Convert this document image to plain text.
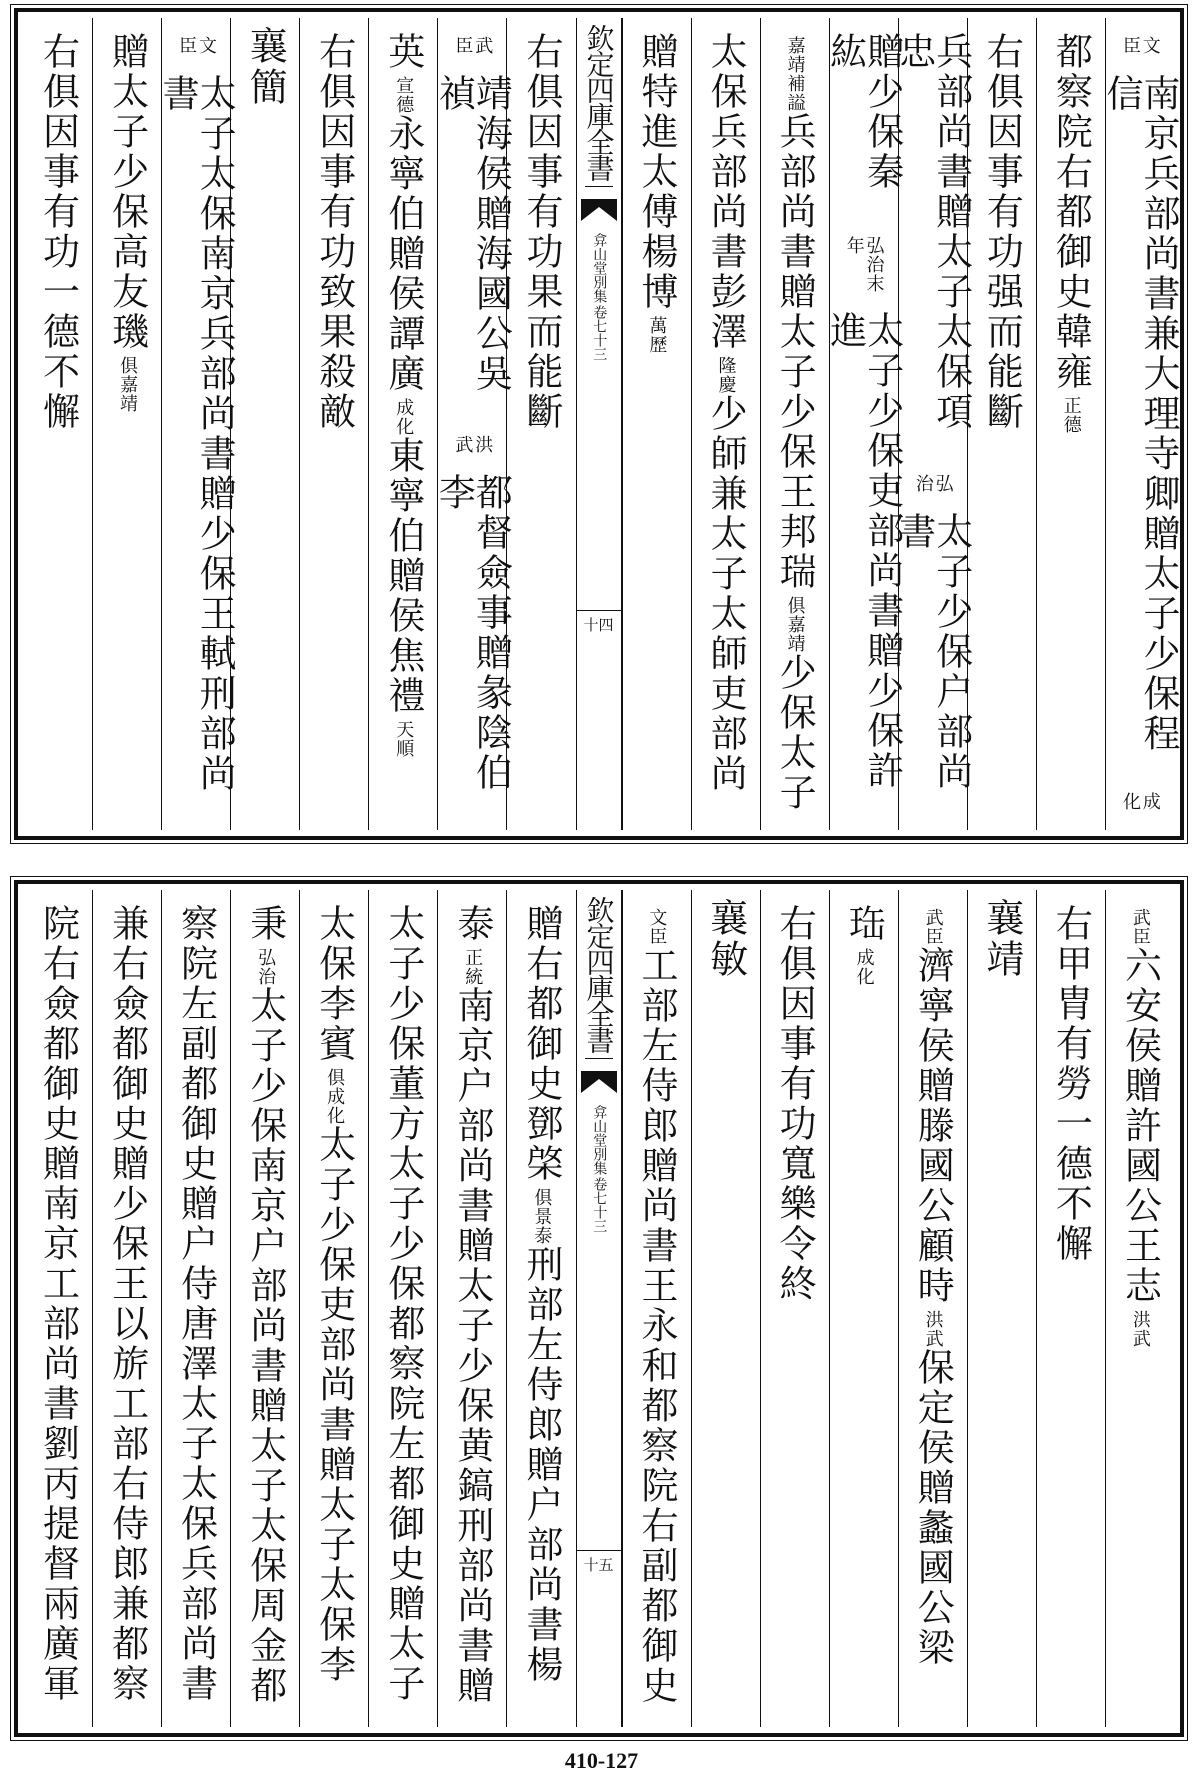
文臣
南京兵部尚書兼大理寺卿贈太子少保程信
成化
都察院右都御史韓雍
正德
右俱因事有功强而能斷
兵部尚書贈太子太保項忠
弘治
太子少保户部尚書
贈少保秦紘
弘治末年
太子少保吏部尚書贈少保許進
嘉靖補謚
兵部尚書贈太子少保王邦瑞
俱嘉靖
少保太子
太保兵部尚書彭澤
隆慶
少師兼太子太師吏部尚
贈特進太傅楊博
萬歷
欽定四庫全書
弇山堂別集
卷七十三
十四
右俱因事有功果而能斷
武臣
靖海侯贈海國公吳禎
洪武
都督僉事贈彖陰伯李
英
宣德
永寧伯贈侯譚廣
成化
東寧伯贈侯焦禮
天順
右俱因事有功致果殺敵
襄簡
文臣
太子太保南京兵部尚書贈少保王軾刑部尚書
贈太子少保高友璣
俱嘉靖
右俱因事有功一德不懈
武臣
六安侯贈許國公王志
洪武
右甲胄有勞一德不懈
襄靖
武臣
濟寧侯贈滕國公顧時
洪武
保定侯贈蠡國公梁
珤
成化
右俱因事有功寬樂令終
襄敏
文臣
工部左侍郎贈尚書王永和都察院右副都御史
欽定四庫全書
弇山堂別集
卷七十三
十五
贈右都御史鄧棨
俱景泰
刑部左侍郎贈户部尚書楊
泰
正統
南京户部尚書贈太子少保黄鎬刑部尚書贈
太子少保董方太子少保都察院左都御史贈太子
太保李賓
俱成化
太子少保吏部尚書贈太子太保李
秉
弘治
太子少保南京户部尚書贈太子太保周金都
察院左副都御史贈户侍唐澤太子太保兵部尚書
兼右僉都御史贈少保王以旂工部右侍郎兼都察
院右僉都御史贈南京工部尚書劉丙提督兩廣軍
410-127
